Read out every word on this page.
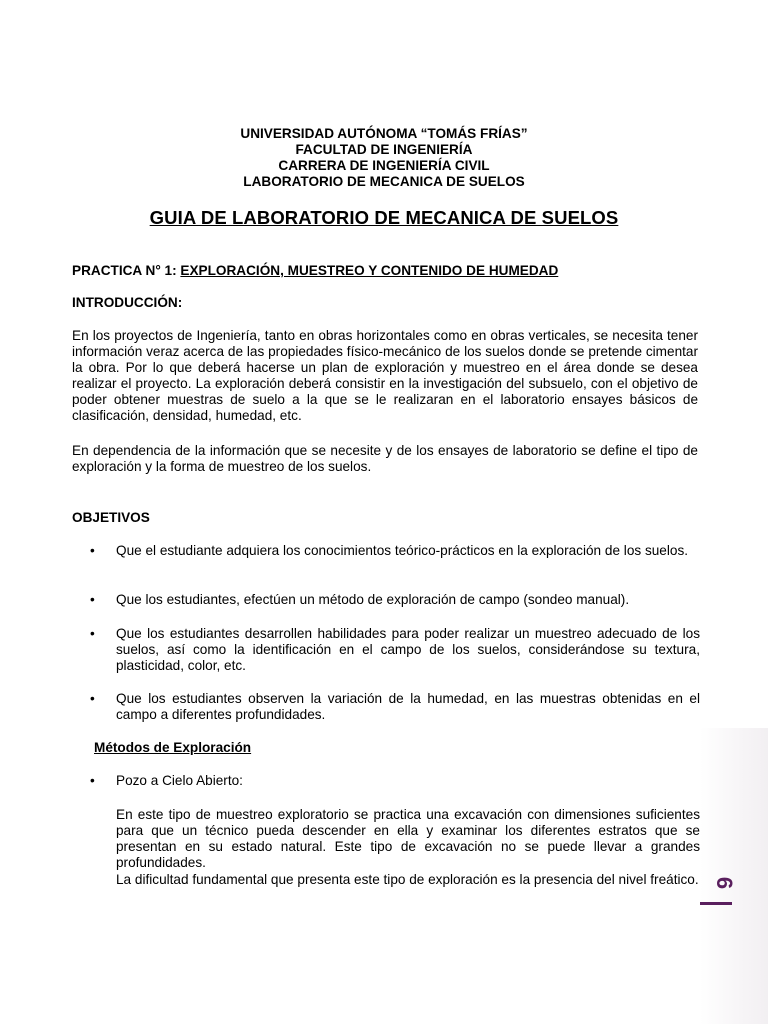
UNIVERSIDAD AUTÓNOMA “TOMÁS FRÍAS”
FACULTAD DE INGENIERÍA
CARRERA DE INGENIERÍA CIVIL
LABORATORIO DE MECANICA DE SUELOS
GUIA DE LABORATORIO DE MECANICA DE SUELOS
PRACTICA N° 1: EXPLORACIÓN, MUESTREO Y CONTENIDO DE HUMEDAD
INTRODUCCIÓN:
En los proyectos de Ingeniería, tanto en obras horizontales como en obras verticales, se necesita tener información veraz acerca de las propiedades físico-mecánico de los suelos donde se pretende cimentar la obra. Por lo que deberá hacerse un plan de exploración y muestreo en el área donde se desea realizar el proyecto. La exploración deberá consistir en la investigación del subsuelo, con el objetivo de poder obtener muestras de suelo a la que se le realizaran en el laboratorio ensayes básicos de clasificación, densidad, humedad, etc.
En dependencia de la información que se necesite y de los ensayes de laboratorio se define el tipo de exploración y la forma de muestreo de los suelos.
OBJETIVOS
•	Que el estudiante adquiera los conocimientos teórico-prácticos en la exploración de los suelos.
•	Que los estudiantes, efectúen un método de exploración de campo (sondeo manual).
•	Que los estudiantes desarrollen habilidades para poder realizar un muestreo adecuado de los suelos, así como la identificación en el campo de los suelos, considerándose su textura, plasticidad, color, etc.
•	Que los estudiantes observen la variación de la humedad, en las muestras obtenidas en el campo a diferentes profundidades.
Métodos de Exploración
•	Pozo a Cielo Abierto:
En este tipo de muestreo exploratorio se practica una excavación con dimensiones suficientes para que un técnico pueda descender en ella y examinar los diferentes estratos que se presentan en su estado natural. Este tipo de excavación no se puede llevar a grandes profundidades.
La dificultad fundamental que presenta este tipo de exploración es la presencia del nivel freático. 6
